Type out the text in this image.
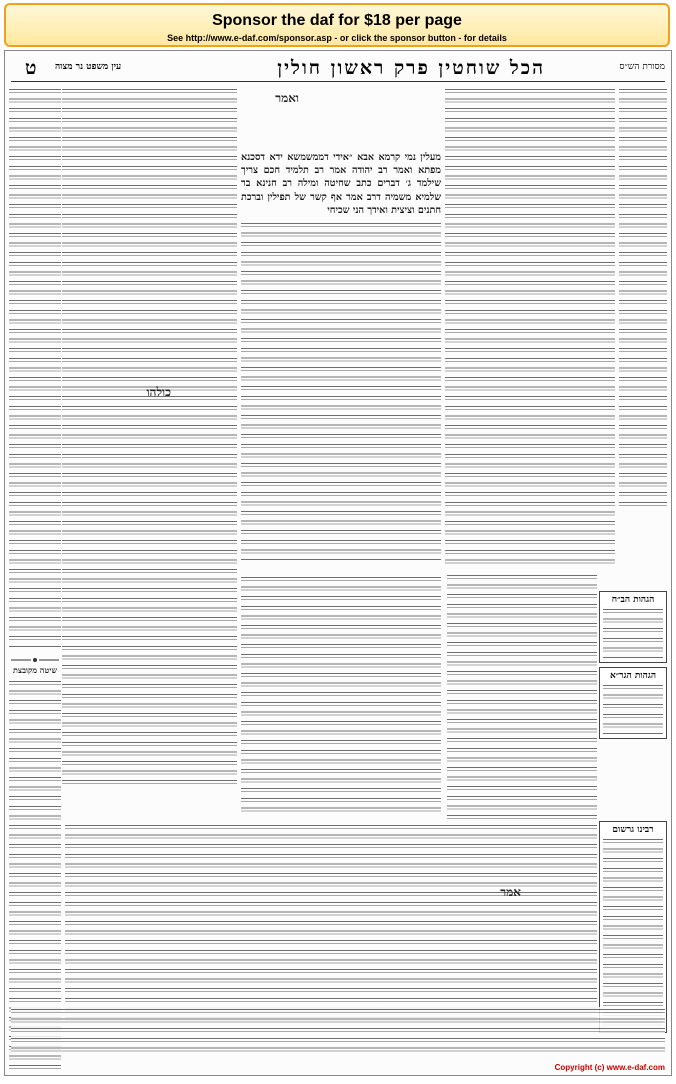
Sponsor the daf for $18 per page
See http://www.e-daf.com/sponsor.asp - or click the sponsor button - for details
מסורת הש״ס
הכל שוחטין פרק ראשון חולין
עין משפט נר מצוה
ט
מעלין נמי קרמא אבא ״אידי דממשמשא ידא דסכנא מפתא ואמר רב יהודה אמר רב תלמיד חכם צריך שילמד ג׳ דברים כתב שחיטה ומילה רב חנינא בר שלמיא משמיה דרב אמר אף קשר של תפילין וברכת חתנים וציצית ואידך הני שכיחי
ואמר
כולהו
שיטה מקובצת
הגהות הב״ח
הגהות הגר״א
רבינו גרשום
אמר
Copyright (c) www.e-daf.com
